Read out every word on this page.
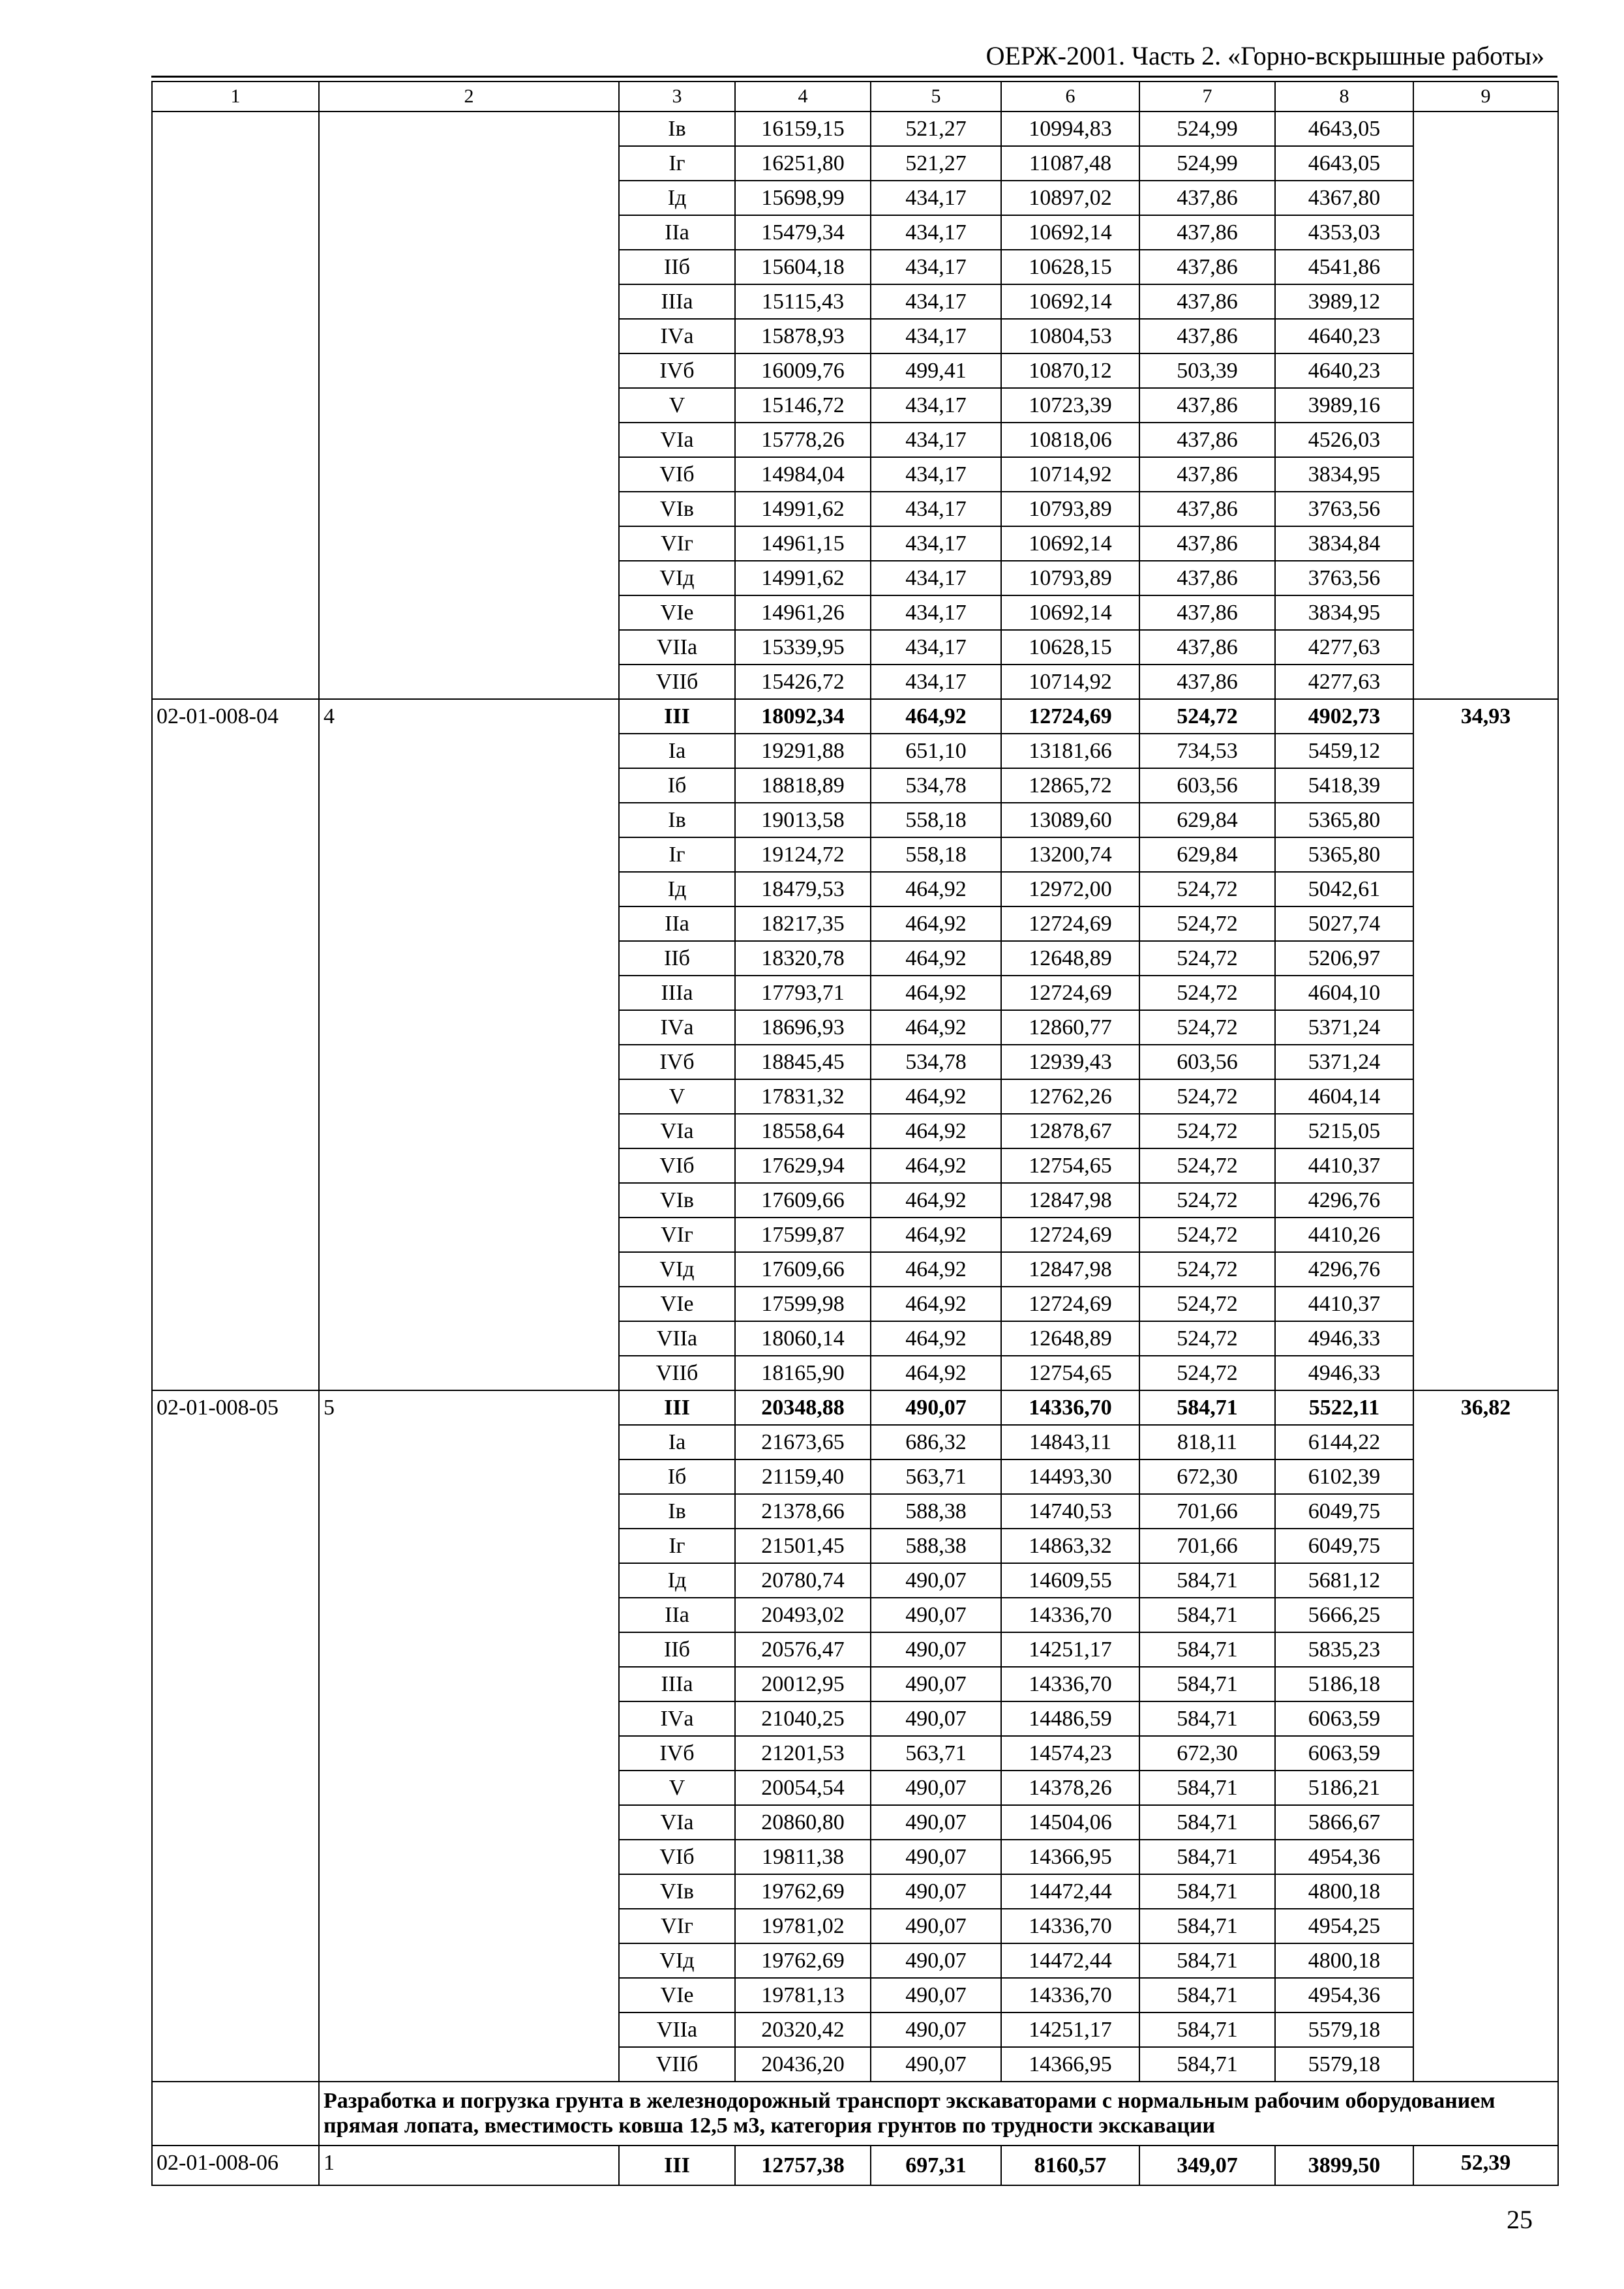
ОЕРЖ-2001. Часть 2. «Горно-вскрышные работы»
1	2	3	4	5	6	7	8	9
		Iв	16159,15	521,27	10994,83	524,99	4643,05	
		Iг	16251,80	521,27	11087,48	524,99	4643,05	
		Iд	15698,99	434,17	10897,02	437,86	4367,80	
		IIа	15479,34	434,17	10692,14	437,86	4353,03	
		IIб	15604,18	434,17	10628,15	437,86	4541,86	
		IIIа	15115,43	434,17	10692,14	437,86	3989,12	
		IVа	15878,93	434,17	10804,53	437,86	4640,23	
		IVб	16009,76	499,41	10870,12	503,39	4640,23	
		V	15146,72	434,17	10723,39	437,86	3989,16	
		VIа	15778,26	434,17	10818,06	437,86	4526,03	
		VIб	14984,04	434,17	10714,92	437,86	3834,95	
		VIв	14991,62	434,17	10793,89	437,86	3763,56	
		VIг	14961,15	434,17	10692,14	437,86	3834,84	
		VIд	14991,62	434,17	10793,89	437,86	3763,56	
		VIе	14961,26	434,17	10692,14	437,86	3834,95	
		VIIа	15339,95	434,17	10628,15	437,86	4277,63	
		VIIб	15426,72	434,17	10714,92	437,86	4277,63	
02-01-008-04	4	III	18092,34	464,92	12724,69	524,72	4902,73	34,93
		Iа	19291,88	651,10	13181,66	734,53	5459,12	
		Iб	18818,89	534,78	12865,72	603,56	5418,39	
		Iв	19013,58	558,18	13089,60	629,84	5365,80	
		Iг	19124,72	558,18	13200,74	629,84	5365,80	
		Iд	18479,53	464,92	12972,00	524,72	5042,61	
		IIа	18217,35	464,92	12724,69	524,72	5027,74	
		IIб	18320,78	464,92	12648,89	524,72	5206,97	
		IIIа	17793,71	464,92	12724,69	524,72	4604,10	
		IVа	18696,93	464,92	12860,77	524,72	5371,24	
		IVб	18845,45	534,78	12939,43	603,56	5371,24	
		V	17831,32	464,92	12762,26	524,72	4604,14	
		VIа	18558,64	464,92	12878,67	524,72	5215,05	
		VIб	17629,94	464,92	12754,65	524,72	4410,37	
		VIв	17609,66	464,92	12847,98	524,72	4296,76	
		VIг	17599,87	464,92	12724,69	524,72	4410,26	
		VIд	17609,66	464,92	12847,98	524,72	4296,76	
		VIе	17599,98	464,92	12724,69	524,72	4410,37	
		VIIа	18060,14	464,92	12648,89	524,72	4946,33	
		VIIб	18165,90	464,92	12754,65	524,72	4946,33	
02-01-008-05	5	III	20348,88	490,07	14336,70	584,71	5522,11	36,82
		Iа	21673,65	686,32	14843,11	818,11	6144,22	
		Iб	21159,40	563,71	14493,30	672,30	6102,39	
		Iв	21378,66	588,38	14740,53	701,66	6049,75	
		Iг	21501,45	588,38	14863,32	701,66	6049,75	
		Iд	20780,74	490,07	14609,55	584,71	5681,12	
		IIа	20493,02	490,07	14336,70	584,71	5666,25	
		IIб	20576,47	490,07	14251,17	584,71	5835,23	
		IIIа	20012,95	490,07	14336,70	584,71	5186,18	
		IVа	21040,25	490,07	14486,59	584,71	6063,59	
		IVб	21201,53	563,71	14574,23	672,30	6063,59	
		V	20054,54	490,07	14378,26	584,71	5186,21	
		VIа	20860,80	490,07	14504,06	584,71	5866,67	
		VIб	19811,38	490,07	14366,95	584,71	4954,36	
		VIв	19762,69	490,07	14472,44	584,71	4800,18	
		VIг	19781,02	490,07	14336,70	584,71	4954,25	
		VIд	19762,69	490,07	14472,44	584,71	4800,18	
		VIе	19781,13	490,07	14336,70	584,71	4954,36	
		VIIа	20320,42	490,07	14251,17	584,71	5579,18	
		VIIб	20436,20	490,07	14366,95	584,71	5579,18	
	Разработка и погрузка грунта в железнодорожный транспорт экскаваторами с нормальным рабочим оборудованием прямая лопата, вместимость ковша 12,5 м3, категория грунтов по трудности экскавации							
02-01-008-06	1	III	12757,38	697,31	8160,57	349,07	3899,50	52,39
25
